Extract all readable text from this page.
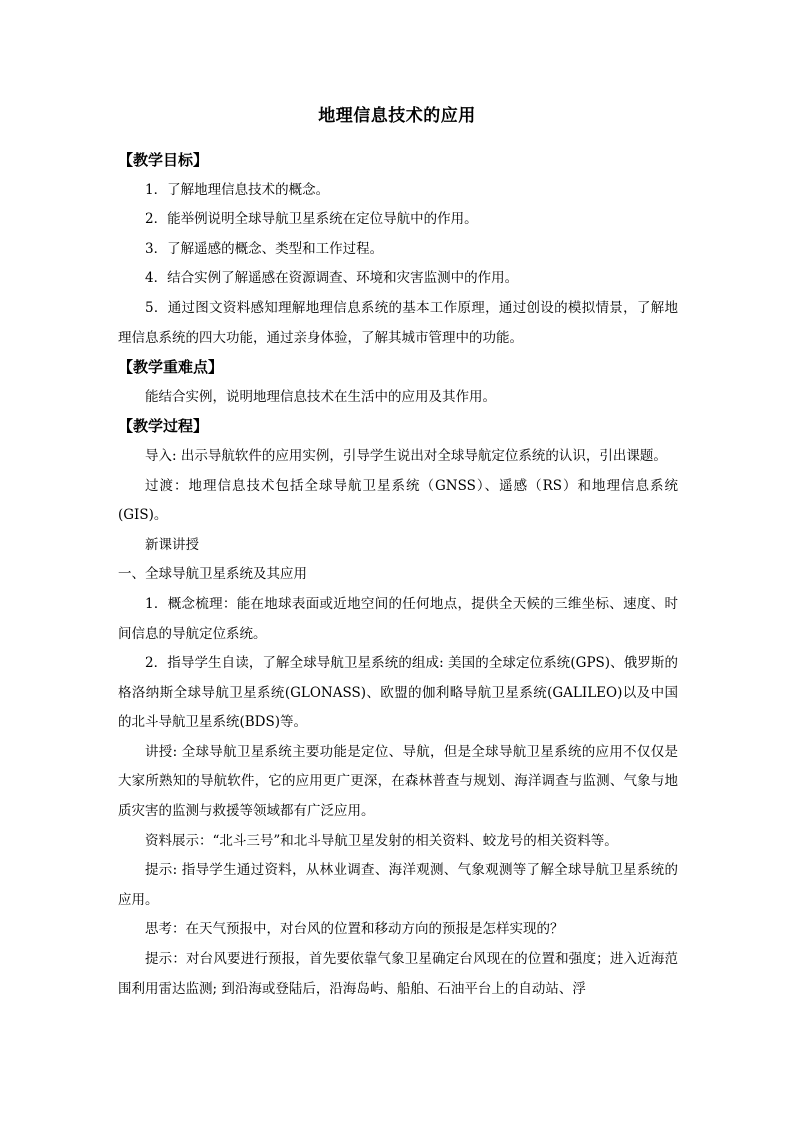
地理信息技术的应用

【教学目标】

1．了解地理信息技术的概念。

2．能举例说明全球导航卫星系统在定位导航中的作用。

3．了解遥感的概念、类型和工作过程。

4．结合实例了解遥感在资源调查、环境和灾害监测中的作用。

5．通过图文资料感知理解地理信息系统的基本工作原理，通过创设的模拟情景，了解地理信息系统的四大功能，通过亲身体验，了解其城市管理中的功能。

【教学重难点】

能结合实例，说明地理信息技术在生活中的应用及其作用。

【教学过程】

导入: 出示导航软件的应用实例，引导学生说出对全球导航定位系统的认识，引出课题。

过渡：地理信息技术包括全球导航卫星系统（GNSS）、遥感（RS）和地理信息系统(GIS)。

新课讲授

一、全球导航卫星系统及其应用

1．概念梳理：能在地球表面或近地空间的任何地点，提供全天候的三维坐标、速度、时间信息的导航定位系统。

2．指导学生自读，了解全球导航卫星系统的组成: 美国的全球定位系统(GPS)、俄罗斯的格洛纳斯全球导航卫星系统(GLONASS)、欧盟的伽利略导航卫星系统(GALILEO)以及中国的北斗导航卫星系统(BDS)等。

讲授: 全球导航卫星系统主要功能是定位、导航，但是全球导航卫星系统的应用不仅仅是大家所熟知的导航软件，它的应用更广更深，在森林普查与规划、海洋调查与监测、气象与地质灾害的监测与救援等领域都有广泛应用。

资料展示：“北斗三号”和北斗导航卫星发射的相关资料、蛟龙号的相关资料等。

提示: 指导学生通过资料，从林业调查、海洋观测、气象观测等了解全球导航卫星系统的应用。

思考：在天气预报中，对台风的位置和移动方向的预报是怎样实现的？

提示：对台风要进行预报，首先要依靠气象卫星确定台风现在的位置和强度；进入近海范围利用雷达监测; 到沿海或登陆后，沿海岛屿、船舶、石油平台上的自动站、浮
